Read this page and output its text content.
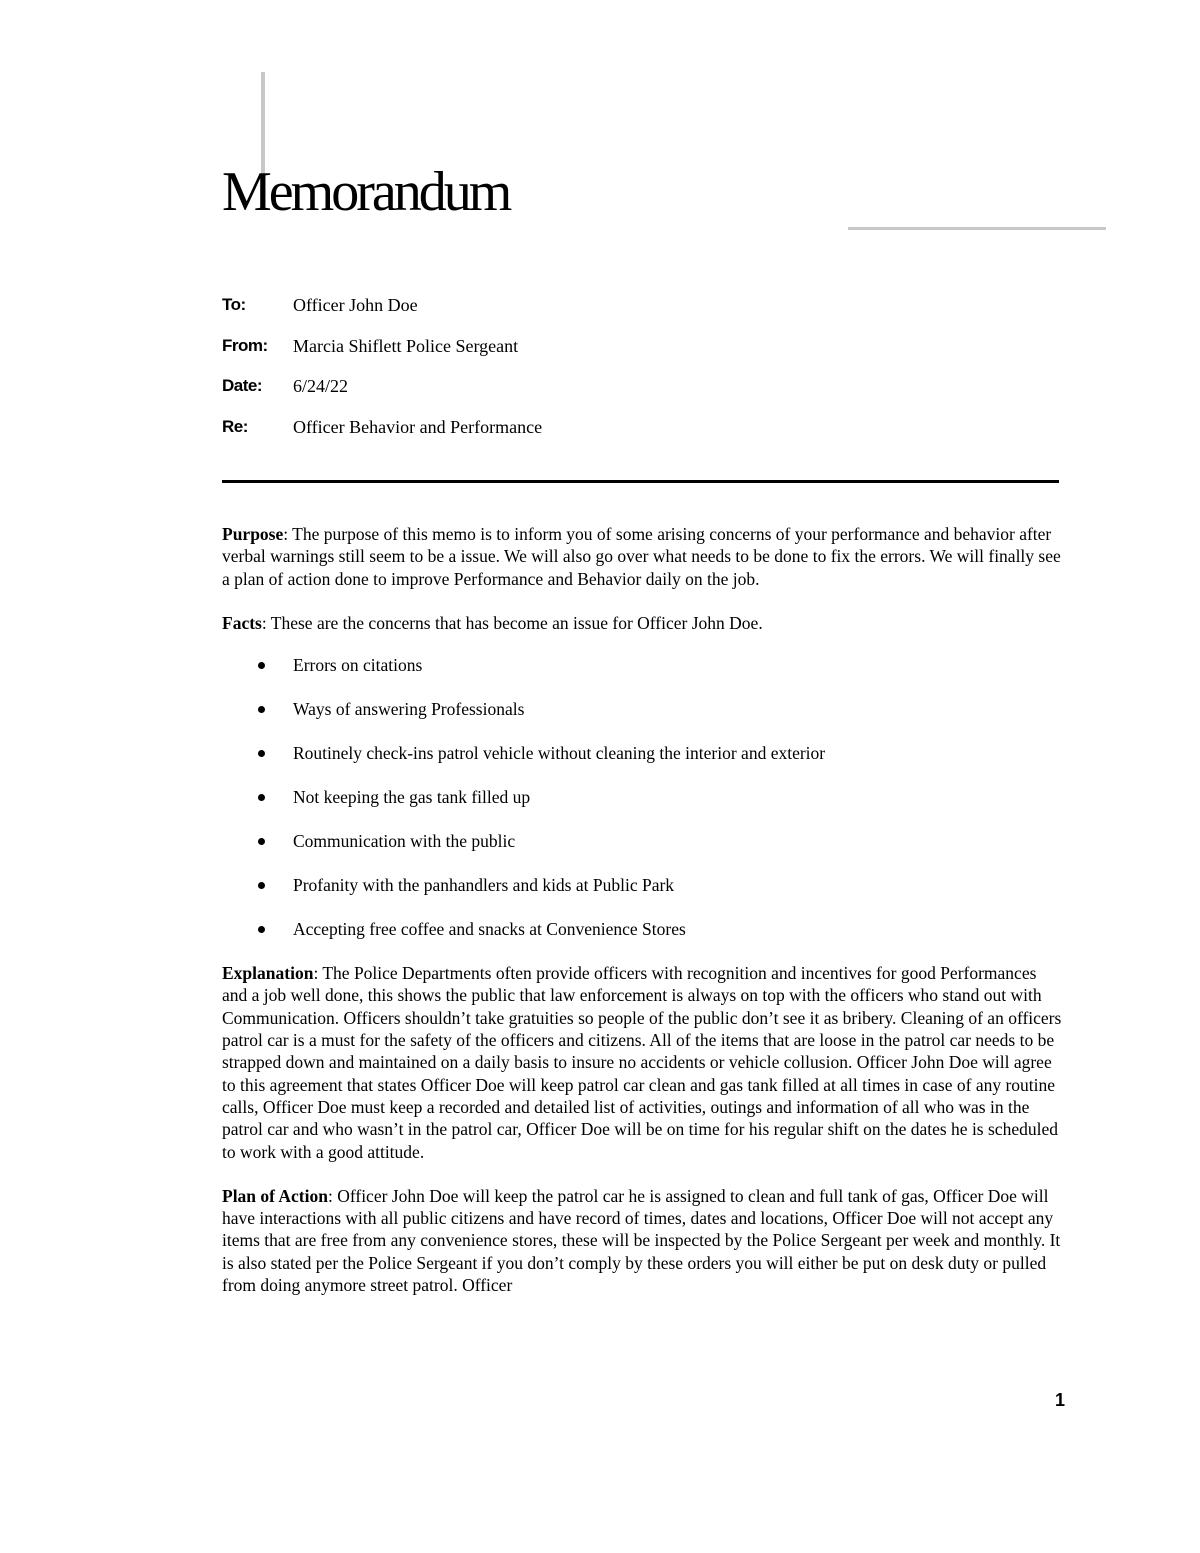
Memorandum
To:	Officer John Doe
From:	Marcia Shiflett Police Sergeant
Date:	6/24/22
Re:	Officer Behavior and Performance

Purpose: The purpose of this memo is to inform you of some arising concerns of your performance and behavior after verbal warnings still seem to be a issue. We will also go over what needs to be done to fix the errors. We will finally see a plan of action done to improve Performance and Behavior daily on the job.

Facts: These are the concerns that has become an issue for Officer John Doe.

Errors on citations
Ways of answering Professionals
Routinely check-ins patrol vehicle without cleaning the interior and exterior
Not keeping the gas tank filled up
Communication with the public
Profanity with the panhandlers and kids at Public Park
Accepting free coffee and snacks at Convenience Stores

Explanation: The Police Departments often provide officers with recognition and incentives for good Performances and a job well done, this shows the public that law enforcement is always on top with the officers who stand out with Communication. Officers shouldn’t take gratuities so people of the public don’t see it as bribery. Cleaning of an officers patrol car is a must for the safety of the officers and citizens. All of the items that are loose in the patrol car needs to be strapped down and maintained on a daily basis to insure no accidents or vehicle collusion. Officer John Doe will agree to this agreement that states Officer Doe will keep patrol car clean and gas tank filled at all times in case of any routine calls, Officer Doe must keep a recorded and detailed list of activities, outings and information of all who was in the patrol car and who wasn’t in the patrol car, Officer Doe will be on time for his regular shift on the dates he is scheduled to work with a good attitude.

Plan of Action: Officer John Doe will keep the patrol car he is assigned to clean and full tank of gas, Officer Doe will have interactions with all public citizens and have record of times, dates and locations, Officer Doe will not accept any items that are free from any convenience stores, these will be inspected by the Police Sergeant per week and monthly. It is also stated per the Police Sergeant if you don’t comply by these orders you will either be put on desk duty or pulled from doing anymore street patrol. Officer

1
